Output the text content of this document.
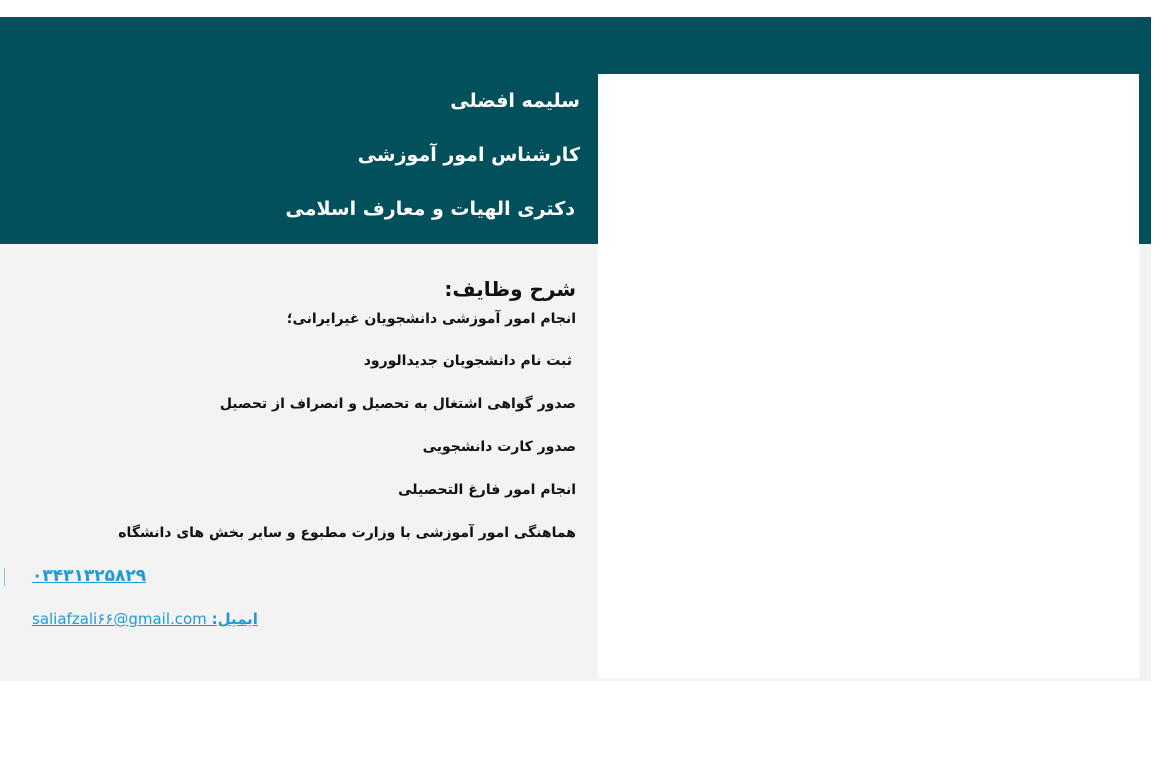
سلیمه افضلی
کارشناس امور آموزشی
دکتری الهیات و معارف اسلامی
شرح وظایف:
انجام امور آموزشی دانشجویان غیرایرانی؛
ثبت نام دانشجویان جدیدالورود
صدور گواهی اشتغال به تحصیل و انصراف از تحصیل
صدور کارت دانشجویی
انجام امور فارغ التحصیلی
هماهنگی امور آموزشی با وزارت مطبوع و سایر بخش های دانشگاه
۰۳۴۳۱۳۲۵۸۲۹
ایمیل: saliafzali۶۶@gmail.com
